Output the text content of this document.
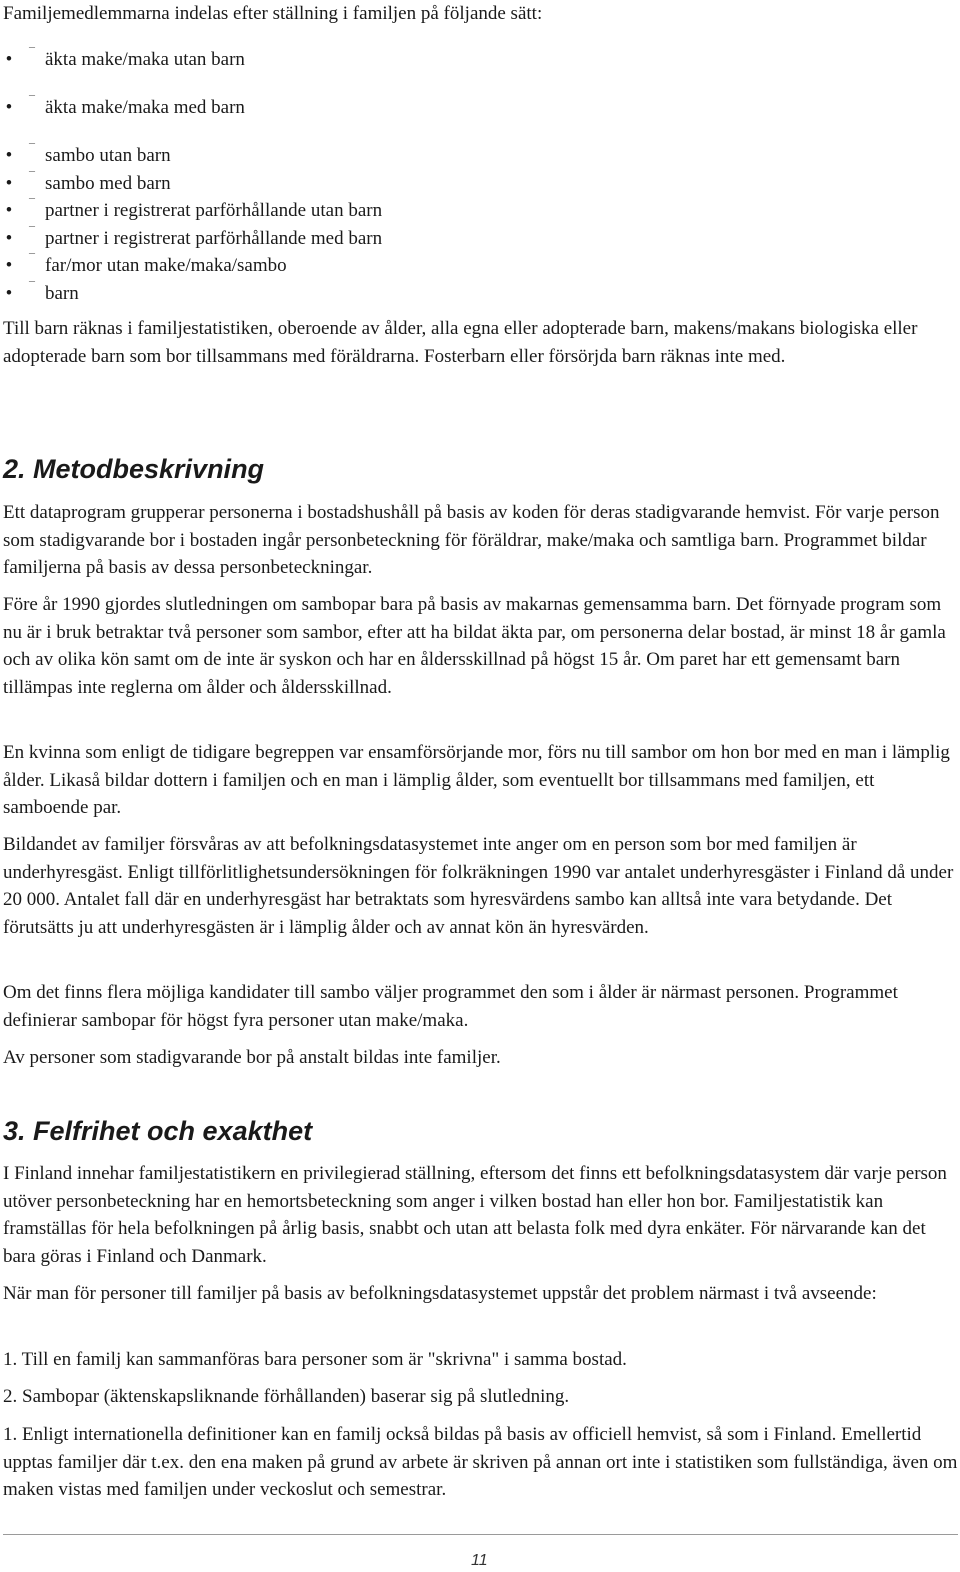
Familjemedlemmarna indelas efter ställning i familjen på följande sätt:
•
–
äkta make/maka utan barn
•
–
äkta make/maka med barn
•
–
sambo utan barn
•
–
sambo med barn
•
–
partner i registrerat parförhållande utan barn
•
–
partner i registrerat parförhållande med barn
•
–
far/mor utan make/maka/sambo
•
–
barn

Till barn räknas i familjestatistiken, oberoende av ålder, alla egna eller adopterade barn, makens/makans biologiska eller adopterade barn som bor tillsammans med föräldrarna. Fosterbarn eller försörjda barn räknas inte med.

2. Metodbeskrivning

Ett dataprogram grupperar personerna i bostadshushåll på basis av koden för deras stadigvarande hemvist. För varje person som stadigvarande bor i bostaden ingår personbeteckning för föräldrar, make/maka och samtliga barn. Programmet bildar familjerna på basis av dessa personbeteckningar.

Före år 1990 gjordes slutledningen om sambopar bara på basis av makarnas gemensamma barn. Det förnyade program som nu är i bruk betraktar två personer som sambor, efter att ha bildat äkta par, om personerna delar bostad, är minst 18 år gamla och av olika kön samt om de inte är syskon och har en åldersskillnad på högst 15 år. Om paret har ett gemensamt barn tillämpas inte reglerna om ålder och åldersskillnad.

En kvinna som enligt de tidigare begreppen var ensamförsörjande mor, förs nu till sambor om hon bor med en man i lämplig ålder. Likaså bildar dottern i familjen och en man i lämplig ålder, som eventuellt bor tillsammans med familjen, ett samboende par.

Bildandet av familjer försvåras av att befolkningsdatasystemet inte anger om en person som bor med familjen är underhyresgäst. Enligt tillförlitlighetsundersökningen för folkräkningen 1990 var antalet underhyresgäster i Finland då under 20 000. Antalet fall där en underhyresgäst har betraktats som hyresvärdens sambo kan alltså inte vara betydande. Det förutsätts ju att underhyresgästen är i lämplig ålder och av annat kön än hyresvärden.

Om det finns flera möjliga kandidater till sambo väljer programmet den som i ålder är närmast personen. Programmet definierar sambopar för högst fyra personer utan make/maka.

Av personer som stadigvarande bor på anstalt bildas inte familjer.

3. Felfrihet och exakthet

I Finland innehar familjestatistikern en privilegierad ställning, eftersom det finns ett befolkningsdatasystem där varje person utöver personbeteckning har en hemortsbeteckning som anger i vilken bostad han eller hon bor. Familjestatistik kan framställas för hela befolkningen på årlig basis, snabbt och utan att belasta folk med dyra enkäter. För närvarande kan det bara göras i Finland och Danmark.

När man för personer till familjer på basis av befolkningsdatasystemet uppstår det problem närmast i två avseende:

1. Till en familj kan sammanföras bara personer som är "skrivna" i samma bostad.

2. Sambopar (äktenskapsliknande förhållanden) baserar sig på slutledning.

1. Enligt internationella definitioner kan en familj också bildas på basis av officiell hemvist, så som i Finland. Emellertid upptas familjer där t.ex. den ena maken på grund av arbete är skriven på annan ort inte i statistiken som fullständiga, även om maken vistas med familjen under veckoslut och semestrar.

11
